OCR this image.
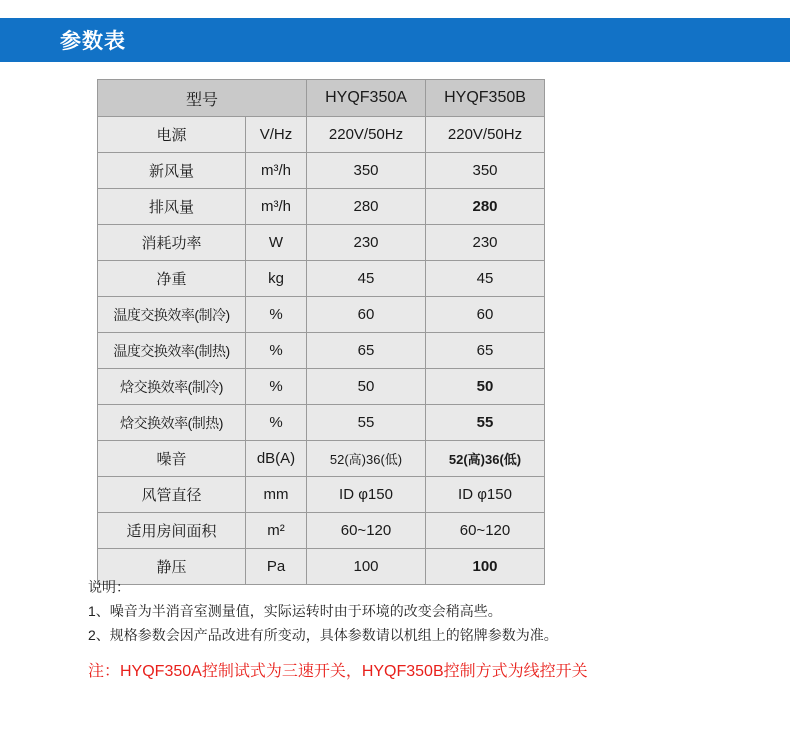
参数表
型号		HYQF350A	HYQF350B
电源	V/Hz	220V/50Hz	220V/50Hz
新风量	m³/h	350	350
排风量	m³/h	280	280
消耗功率	W	230	230
净重	kg	45	45
温度交换效率(制冷)	%	60	60
温度交换效率(制热)	%	65	65
焓交换效率(制冷)	%	50	50
焓交换效率(制热)	%	55	55
噪音	dB(A)	52(高)36(低)	52(高)36(低)
风管直径	mm	ID φ150	ID φ150
适用房间面积	m²	60~120	60~120
静压	Pa	100	100
说明：
1、噪音为半消音室测量值，实际运转时由于环境的改变会稍高些。
2、规格参数会因产品改进有所变动，具体参数请以机组上的铭牌参数为准。
注：HYQF350A控制试式为三速开关，HYQF350B控制方式为线控开关
